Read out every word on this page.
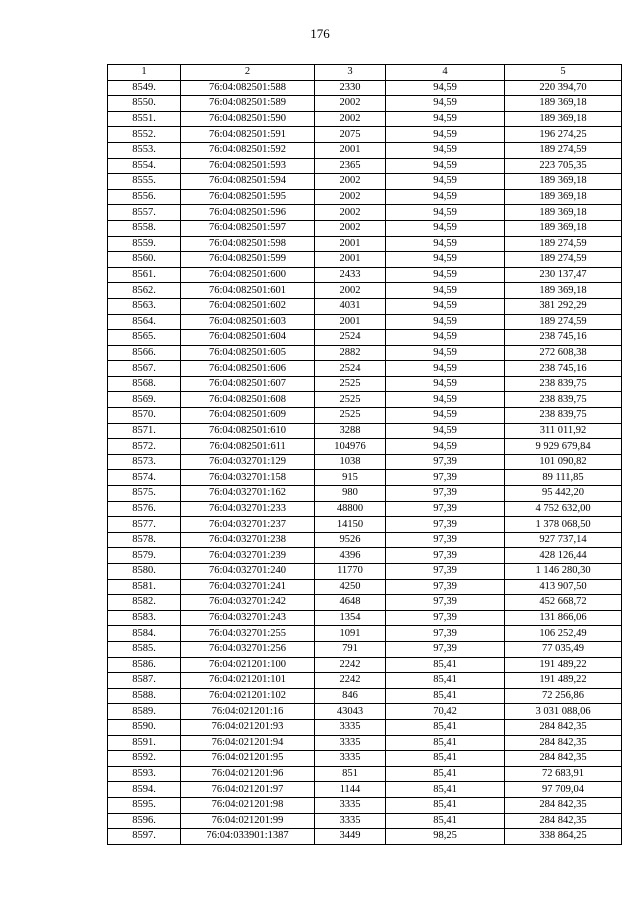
176
1	2	3	4	5
8549.	76:04:082501:588	2330	94,59	220 394,70
8550.	76:04:082501:589	2002	94,59	189 369,18
8551.	76:04:082501:590	2002	94,59	189 369,18
8552.	76:04:082501:591	2075	94,59	196 274,25
8553.	76:04:082501:592	2001	94,59	189 274,59
8554.	76:04:082501:593	2365	94,59	223 705,35
8555.	76:04:082501:594	2002	94,59	189 369,18
8556.	76:04:082501:595	2002	94,59	189 369,18
8557.	76:04:082501:596	2002	94,59	189 369,18
8558.	76:04:082501:597	2002	94,59	189 369,18
8559.	76:04:082501:598	2001	94,59	189 274,59
8560.	76:04:082501:599	2001	94,59	189 274,59
8561.	76:04:082501:600	2433	94,59	230 137,47
8562.	76:04:082501:601	2002	94,59	189 369,18
8563.	76:04:082501:602	4031	94,59	381 292,29
8564.	76:04:082501:603	2001	94,59	189 274,59
8565.	76:04:082501:604	2524	94,59	238 745,16
8566.	76:04:082501:605	2882	94,59	272 608,38
8567.	76:04:082501:606	2524	94,59	238 745,16
8568.	76:04:082501:607	2525	94,59	238 839,75
8569.	76:04:082501:608	2525	94,59	238 839,75
8570.	76:04:082501:609	2525	94,59	238 839,75
8571.	76:04:082501:610	3288	94,59	311 011,92
8572.	76:04:082501:611	104976	94,59	9 929 679,84
8573.	76:04:032701:129	1038	97,39	101 090,82
8574.	76:04:032701:158	915	97,39	89 111,85
8575.	76:04:032701:162	980	97,39	95 442,20
8576.	76:04:032701:233	48800	97,39	4 752 632,00
8577.	76:04:032701:237	14150	97,39	1 378 068,50
8578.	76:04:032701:238	9526	97,39	927 737,14
8579.	76:04:032701:239	4396	97,39	428 126,44
8580.	76:04:032701:240	11770	97,39	1 146 280,30
8581.	76:04:032701:241	4250	97,39	413 907,50
8582.	76:04:032701:242	4648	97,39	452 668,72
8583.	76:04:032701:243	1354	97,39	131 866,06
8584.	76:04:032701:255	1091	97,39	106 252,49
8585.	76:04:032701:256	791	97,39	77 035,49
8586.	76:04:021201:100	2242	85,41	191 489,22
8587.	76:04:021201:101	2242	85,41	191 489,22
8588.	76:04:021201:102	846	85,41	72 256,86
8589.	76:04:021201:16	43043	70,42	3 031 088,06
8590.	76:04:021201:93	3335	85,41	284 842,35
8591.	76:04:021201:94	3335	85,41	284 842,35
8592.	76:04:021201:95	3335	85,41	284 842,35
8593.	76:04:021201:96	851	85,41	72 683,91
8594.	76:04:021201:97	1144	85,41	97 709,04
8595.	76:04:021201:98	3335	85,41	284 842,35
8596.	76:04:021201:99	3335	85,41	284 842,35
8597.	76:04:033901:1387	3449	98,25	338 864,25
